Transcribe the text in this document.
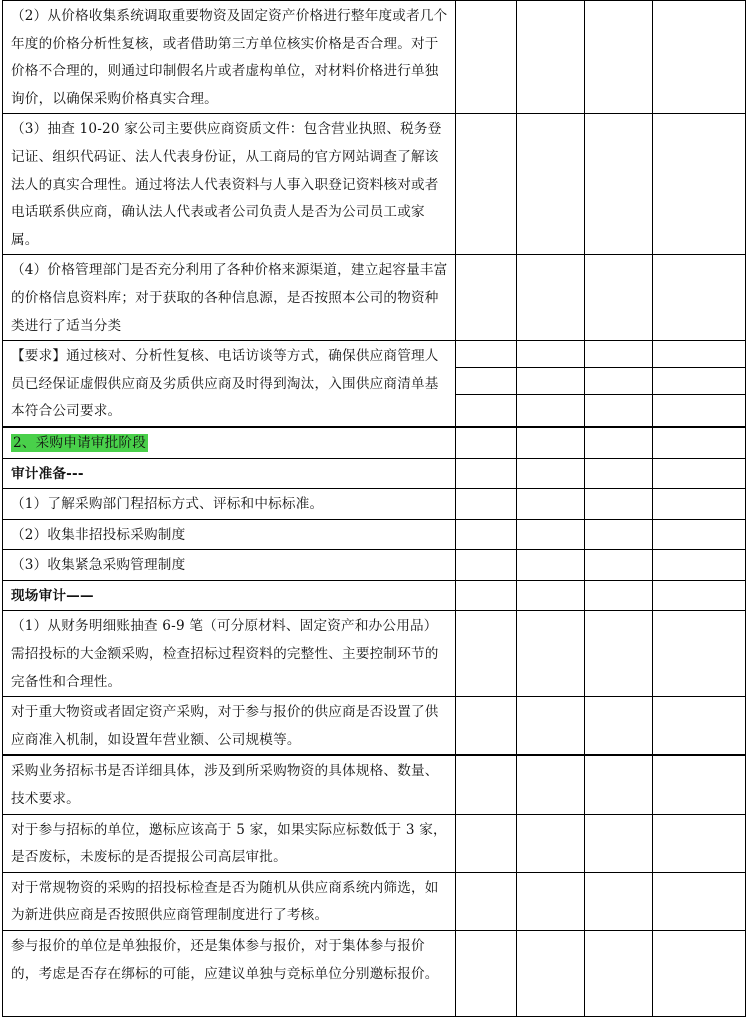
（2）从价格收集系统调取重要物资及固定资产价格进行整年度或者几个年度的价格分析性复核，或者借助第三方单位核实价格是否合理。对于价格不合理的，则通过印制假名片或者虚构单位，对材料价格进行单独询价，以确保采购价格真实合理。				
（3）抽查 10-20 家公司主要供应商资质文件：包含营业执照、税务登记证、组织代码证、法人代表身份证，从工商局的官方网站调查了解该法人的真实合理性。通过将法人代表资料与人事入职登记资料核对或者电话联系供应商，确认法人代表或者公司负责人是否为公司员工或家属。				
（4）价格管理部门是否充分利用了各种价格来源渠道，建立起容量丰富的价格信息资料库；对于获取的各种信息源，是否按照本公司的物资种类进行了适当分类				
【要求】通过核对、分析性复核、电话访谈等方式，确保供应商管理人员已经保证虚假供应商及劣质供应商及时得到淘汰，入围供应商清单基本符合公司要求。	

2、采购申请审批阶段				
审计准备---				
（1）了解采购部门程招标方式、评标和中标标准。				
（2）收集非招投标采购制度				
（3）收集紧急采购管理制度				
现场审计——				
（1）从财务明细账抽查 6-9 笔（可分原材料、固定资产和办公用品）需招投标的大金额采购，检查招标过程资料的完整性、主要控制环节的完备性和合理性。				
对于重大物资或者固定资产采购，对于参与报价的供应商是否设置了供应商准入机制，如设置年营业额、公司规模等。				
采购业务招标书是否详细具体，涉及到所采购物资的具体规格、数量、技术要求。				
对于参与招标的单位，邀标应该高于 5 家，如果实际应标数低于 3 家，是否废标，未废标的是否提报公司高层审批。				
对于常规物资的采购的招投标检查是否为随机从供应商系统内筛选，如为新进供应商是否按照供应商管理制度进行了考核。				
参与报价的单位是单独报价，还是集体参与报价，对于集体参与报价的，考虑是否存在绑标的可能，应建议单独与竞标单位分别邀标报价。				
